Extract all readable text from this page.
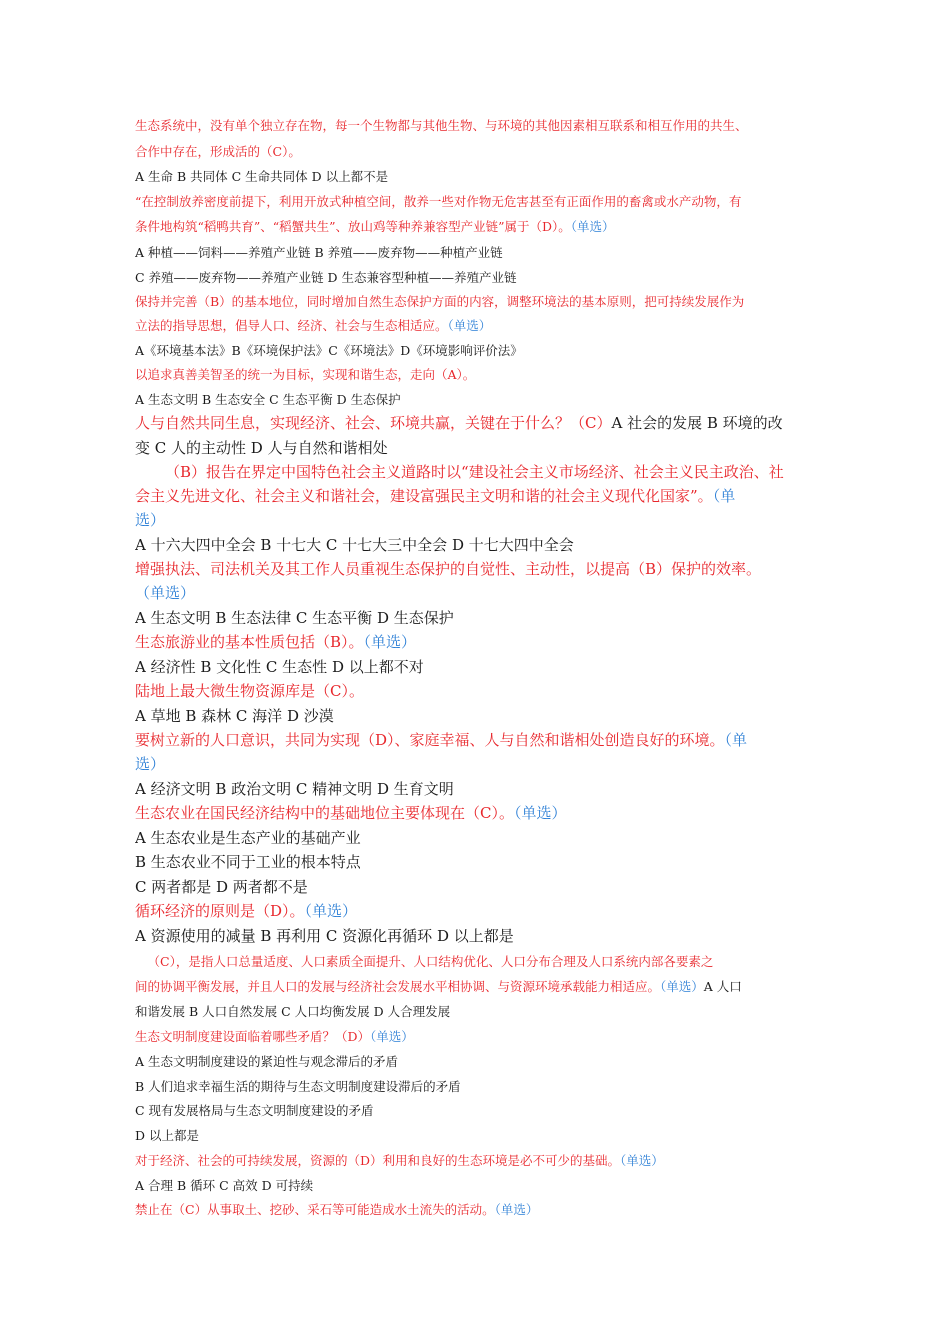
生态系统中，没有单个独立存在物，每一个生物都与其他生物、与环境的其他因素相互联系和相互作用的共生、
合作中存在，形成活的（C）。
A 生命 B 共同体 C 生命共同体 D 以上都不是
“在控制放养密度前提下，利用开放式种植空间，散养一些对作物无危害甚至有正面作用的畜禽或水产动物，有
条件地构筑“稻鸭共育”、“稻蟹共生”、放山鸡等种养兼容型产业链”属于（D）。（单选）
A 种植——饲料——养殖产业链 B 养殖——废弃物——种植产业链
C 养殖——废弃物——养殖产业链 D 生态兼容型种植——养殖产业链
保持并完善（B）的基本地位，同时增加自然生态保护方面的内容，调整环境法的基本原则，把可持续发展作为
立法的指导思想，倡导人口、经济、社会与生态相适应。（单选）
A《环境基本法》B《环境保护法》C《环境法》D《环境影响评价法》
以追求真善美智圣的统一为目标，实现和谐生态，走向（A）。
A 生态文明 B 生态安全 C 生态平衡 D 生态保护
人与自然共同生息，实现经济、社会、环境共赢，关键在于什么？（C）A 社会的发展 B 环境的改
变 C 人的主动性 D 人与自然和谐相处
（B）报告在界定中国特色社会主义道路时以“建设社会主义市场经济、社会主义民主政治、社
会主义先进文化、社会主义和谐社会，建设富强民主文明和谐的社会主义现代化国家”。（单
选）
A 十六大四中全会 B 十七大 C 十七大三中全会 D 十七大四中全会
增强执法、司法机关及其工作人员重视生态保护的自觉性、主动性，以提高（B）保护的效率。
（单选）
A 生态文明 B 生态法律 C 生态平衡 D 生态保护
生态旅游业的基本性质包括（B）。（单选）
A 经济性 B 文化性 C 生态性 D 以上都不对
陆地上最大微生物资源库是（C）。
A 草地 B 森林 C 海洋 D 沙漠
要树立新的人口意识，共同为实现（D）、家庭幸福、人与自然和谐相处创造良好的环境。（单
选）
A 经济文明 B 政治文明 C 精神文明 D 生育文明
生态农业在国民经济结构中的基础地位主要体现在（C）。（单选）
A 生态农业是生态产业的基础产业
B 生态农业不同于工业的根本特点
C 两者都是 D 两者都不是
循环经济的原则是（D）。（单选）
A 资源使用的减量 B 再利用 C 资源化再循环 D 以上都是
（C），是指人口总量适度、人口素质全面提升、人口结构优化、人口分布合理及人口系统内部各要素之
间的协调平衡发展，并且人口的发展与经济社会发展水平相协调、与资源环境承载能力相适应。（单选）A 人口
和谐发展 B 人口自然发展 C 人口均衡发展 D 人合理发展
生态文明制度建设面临着哪些矛盾？（D）（单选）
A 生态文明制度建设的紧迫性与观念滞后的矛盾
B 人们追求幸福生活的期待与生态文明制度建设滞后的矛盾
C 现有发展格局与生态文明制度建设的矛盾
D 以上都是
对于经济、社会的可持续发展，资源的（D）利用和良好的生态环境是必不可少的基础。（单选）
A 合理 B 循环 C 高效 D 可持续
禁止在（C）从事取土、挖砂、采石等可能造成水土流失的活动。（单选）
